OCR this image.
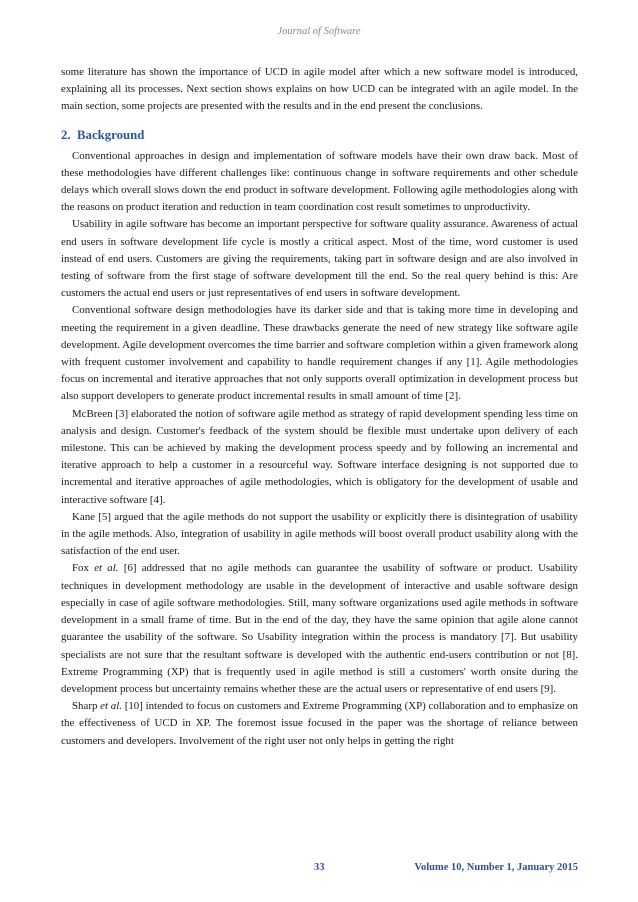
Journal of Software

some literature has shown the importance of UCD in agile model after which a new software model is introduced, explaining all its processes. Next section shows explains on how UCD can be integrated with an agile model. In the main section, some projects are presented with the results and in the end present the conclusions.

2. Background

Conventional approaches in design and implementation of software models have their own draw back. Most of these methodologies have different challenges like: continuous change in software requirements and other schedule delays which overall slows down the end product in software development. Following agile methodologies along with the reasons on product iteration and reduction in team coordination cost result sometimes to unproductivity.

Usability in agile software has become an important perspective for software quality assurance. Awareness of actual end users in software development life cycle is mostly a critical aspect. Most of the time, word customer is used instead of end users. Customers are giving the requirements, taking part in software design and are also involved in testing of software from the first stage of software development till the end. So the real query behind is this: Are customers the actual end users or just representatives of end users in software development.

Conventional software design methodologies have its darker side and that is taking more time in developing and meeting the requirement in a given deadline. These drawbacks generate the need of new strategy like software agile development. Agile development overcomes the time barrier and software completion within a given framework along with frequent customer involvement and capability to handle requirement changes if any [1]. Agile methodologies focus on incremental and iterative approaches that not only supports overall optimization in development process but also support developers to generate product incremental results in small amount of time [2].

McBreen [3] elaborated the notion of software agile method as strategy of rapid development spending less time on analysis and design. Customer's feedback of the system should be flexible must undertake upon delivery of each milestone. This can be achieved by making the development process speedy and by following an incremental and iterative approach to help a customer in a resourceful way. Software interface designing is not supported due to incremental and iterative approaches of agile methodologies, which is obligatory for the development of usable and interactive software [4].

Kane [5] argued that the agile methods do not support the usability or explicitly there is disintegration of usability in the agile methods. Also, integration of usability in agile methods will boost overall product usability along with the satisfaction of the end user.

Fox et al. [6] addressed that no agile methods can guarantee the usability of software or product. Usability techniques in development methodology are usable in the development of interactive and usable software design especially in case of agile software methodologies. Still, many software organizations used agile methods in software development in a small frame of time. But in the end of the day, they have the same opinion that agile alone cannot guarantee the usability of the software. So Usability integration within the process is mandatory [7]. But usability specialists are not sure that the resultant software is developed with the authentic end-users contribution or not [8]. Extreme Programming (XP) that is frequently used in agile method is still a customers' worth onsite during the development process but uncertainty remains whether these are the actual users or representative of end users [9].

Sharp et al. [10] intended to focus on customers and Extreme Programming (XP) collaboration and to emphasize on the effectiveness of UCD in XP. The foremost issue focused in the paper was the shortage of reliance between customers and developers. Involvement of the right user not only helps in getting the right

33	Volume 10, Number 1, January 2015
